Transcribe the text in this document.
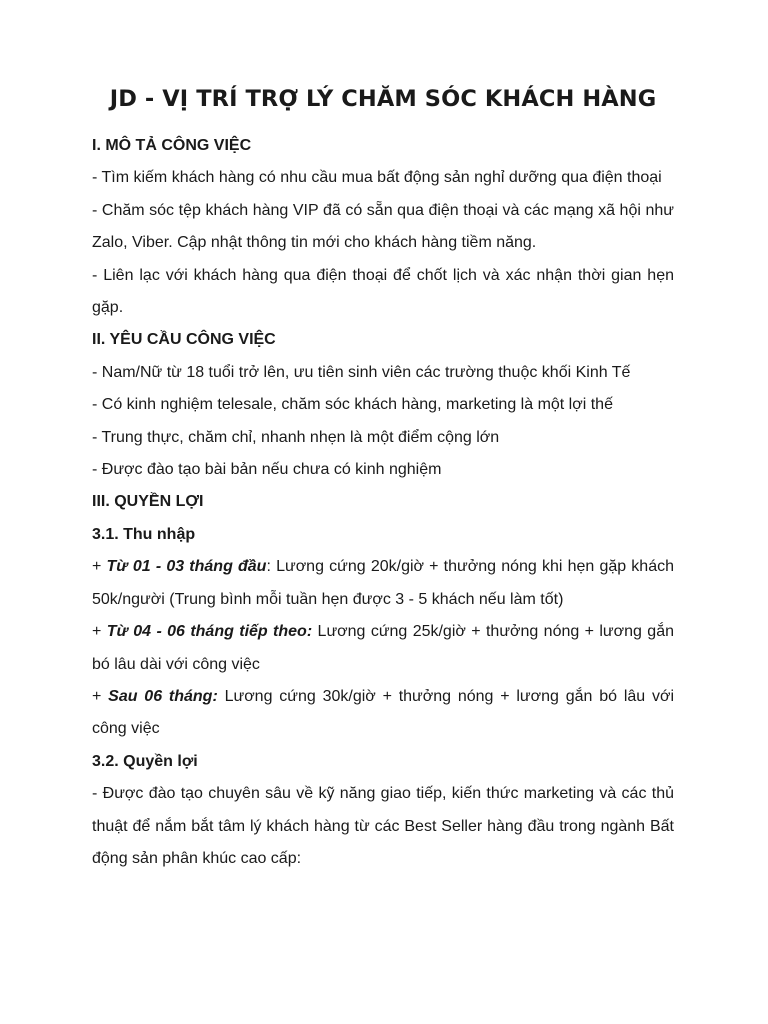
JD - VỊ TRÍ TRỢ LÝ CHĂM SÓC KHÁCH HÀNG

I. MÔ TẢ CÔNG VIỆC

- Tìm kiếm khách hàng có nhu cầu mua bất động sản nghỉ dưỡng qua điện thoại

- Chăm sóc tệp khách hàng VIP đã có sẵn qua điện thoại và các mạng xã hội như Zalo, Viber. Cập nhật thông tin mới cho khách hàng tiềm năng.

- Liên lạc với khách hàng qua điện thoại để chốt lịch và xác nhận thời gian hẹn gặp.

II. YÊU CẦU CÔNG VIỆC

- Nam/Nữ từ 18 tuổi trở lên, ưu tiên sinh viên các trường thuộc khối Kinh Tế

- Có kinh nghiệm telesale, chăm sóc khách hàng, marketing là một lợi thế

- Trung thực, chăm chỉ, nhanh nhẹn là một điểm cộng lớn

- Được đào tạo bài bản nếu chưa có kinh nghiệm

III. QUYỀN LỢI

3.1. Thu nhập

+ Từ 01 - 03 tháng đầu: Lương cứng 20k/giờ + thưởng nóng khi hẹn gặp khách 50k/người (Trung bình mỗi tuần hẹn được 3 - 5 khách nếu làm tốt)

+ Từ 04 - 06 tháng tiếp theo: Lương cứng 25k/giờ + thưởng nóng + lương gắn bó lâu dài với công việc

+ Sau 06 tháng: Lương cứng 30k/giờ + thưởng nóng + lương gắn bó lâu với công việc

3.2. Quyền lợi

- Được đào tạo chuyên sâu về kỹ năng giao tiếp, kiến thức marketing và các thủ thuật để nắm bắt tâm lý khách hàng từ các Best Seller hàng đầu trong ngành Bất động sản phân khúc cao cấp:
